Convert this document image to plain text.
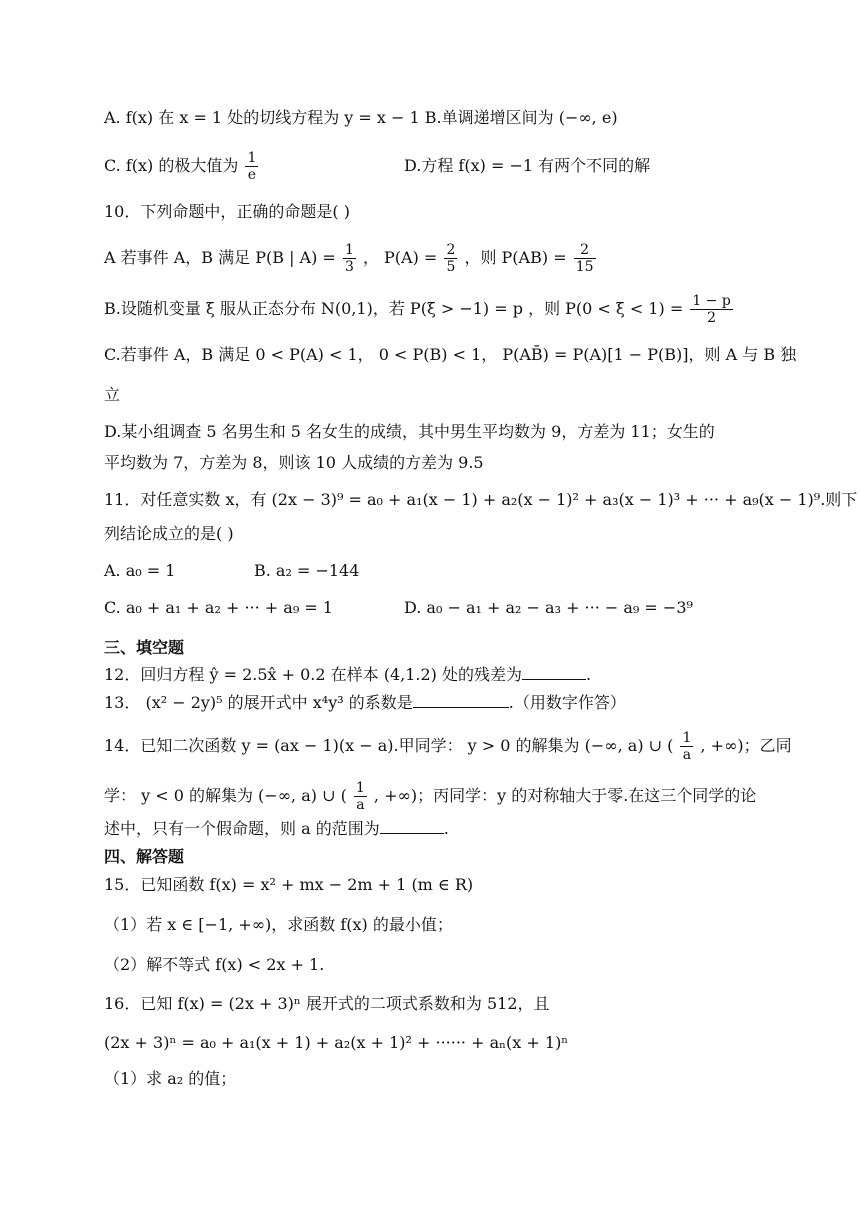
A. f(x) 在 x = 1 处的切线方程为 y = x − 1 B.单调递增区间为 (−∞, e)
C. f(x) 的极大值为 $\frac{1}{e}$	D.方程 f(x) = −1 有两个不同的解
10．下列命题中，正确的命题是( )
A 若事件 A，B 满足 P(B | $A) = \frac{1}{3}$ ， $P(A) = \frac{2}{5}$ ，则 $P(AB) = \frac{2}{15}$
B.设随机变量 ξ 服从正态分布 N(0,1)，若 P(ξ > −1) = p ，则 $P(0 < \xi < 1) = \frac{1 - p}{2}$
C.若事件 A，B 满足 0 < P(A) < 1， 0 < P(B) < 1， P(AB̄) = P(A)[1 − P(B)]，则 A 与 B 独
立
D.某小组调查 5 名男生和 5 名女生的成绩，其中男生平均数为 9，方差为 11；女生的
平均数为 7，方差为 8，则该 10 人成绩的方差为 9.5
11．对任意实数 x，有 (2x − 3)⁹ = a₀ + a₁(x − 1) + a₂(x − 1)² + a₃(x − 1)³ + ··· + a₉(x − 1)⁹.则下
列结论成立的是( )
A. a₀ = 1	B. a₂ = −144
C. a₀ + a₁ + a₂ + ··· + a₉ = 1	D. a₀ − a₁ + a₂ − a₃ + ··· − a₉ = −3⁹
三、填空题
12．回归方程 ŷ = 2.5x̂ + 0.2 在样本 (4,1.2) 处的残差为	.
13． (x² − 2y)⁵ 的展开式中 x⁴y³ 的系数是	.（用数字作答）
14．已知二次函数 y = (ax − 1)(x − a).甲同学： y > 0 的解集为 (−∞, a) ∪ ( $\frac{1}{a}$ , +∞)；乙同
学： y < 0 的解集为 (−∞, a) ∪ ( $\frac{1}{a}$ , +∞)；丙同学：y 的对称轴大于零.在这三个同学的论
述中，只有一个假命题，则 a 的范围为	.
四、解答题
15．已知函数 f(x) = x² + mx − 2m + 1 (m ∈ R)
（1）若 x ∈ [−1, +∞)，求函数 f(x) 的最小值；
（2）解不等式 f(x) < 2x + 1.
16．已知 f(x) = (2x + 3)ⁿ 展开式的二项式系数和为 512，且
(2x + 3)ⁿ = a₀ + a₁(x + 1) + a₂(x + 1)² + ······ + aₙ(x + 1)ⁿ
（1）求 a₂ 的值；
